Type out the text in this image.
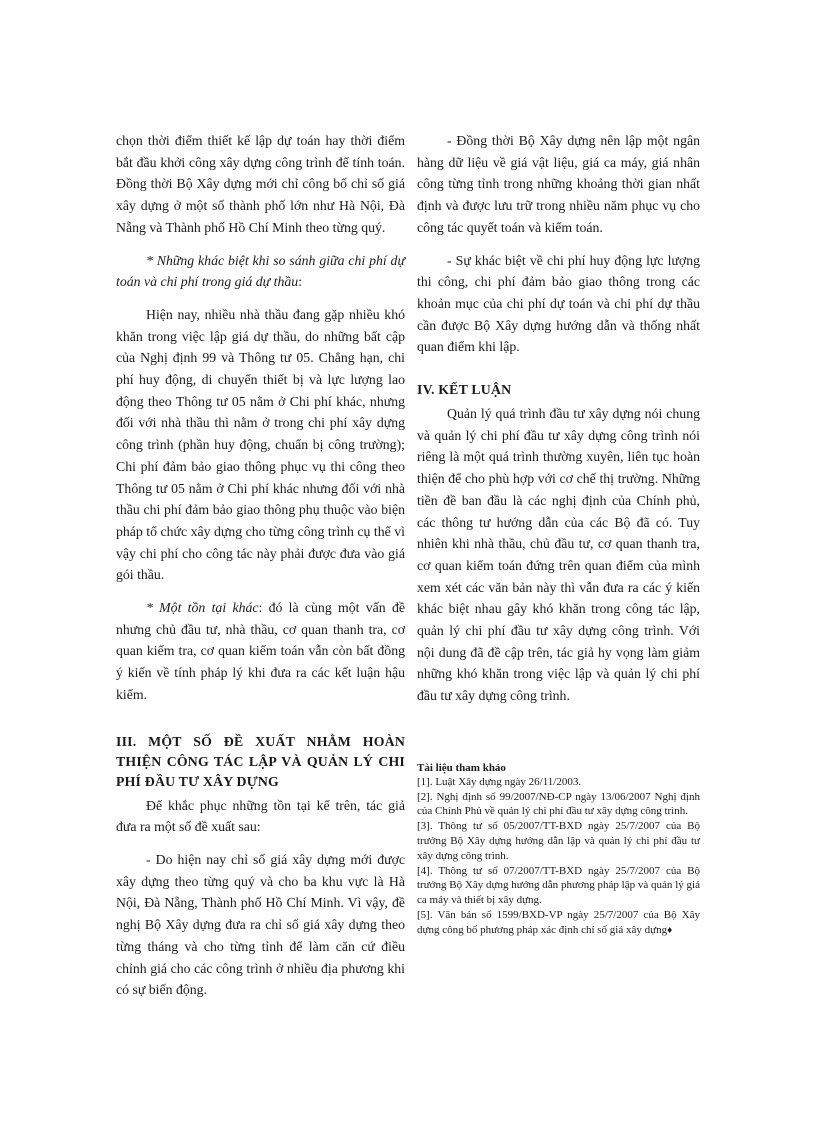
chọn thời điểm thiết kế lập dự toán hay thời điểm bắt đầu khởi công xây dựng công trình để tính toán. Đồng thời Bộ Xây dựng mới chỉ công bố chỉ số giá xây dựng ở một số thành phố lớn như Hà Nội, Đà Nẵng và Thành phố Hồ Chí Minh theo từng quý.

* Những khác biệt khi so sánh giữa chi phí dự toán và chi phí trong giá dự thầu:

Hiện nay, nhiều nhà thầu đang gặp nhiều khó khăn trong việc lập giá dự thầu, do những bất cập của Nghị định 99 và Thông tư 05. Chẳng hạn, chi phí huy động, di chuyển thiết bị và lực lượng lao động theo Thông tư 05 nằm ở Chi phí khác, nhưng đối với nhà thầu thì nằm ở trong chi phí xây dựng công trình (phần huy động, chuẩn bị công trường); Chi phí đảm bảo giao thông phục vụ thi công theo Thông tư 05 nằm ở Chi phí khác nhưng đối với nhà thầu chi phí đảm bảo giao thông phụ thuộc vào biện pháp tổ chức xây dựng cho từng công trình cụ thể vì vậy chi phí cho công tác này phải được đưa vào giá gói thầu.

* Một tồn tại khác: đó là cùng một vấn đề nhưng chủ đầu tư, nhà thầu, cơ quan thanh tra, cơ quan kiểm tra, cơ quan kiểm toán vẫn còn bất đồng ý kiến về tính pháp lý khi đưa ra các kết luận hậu kiểm.

III. MỘT SỐ ĐỀ XUẤT NHẰM HOÀN THIỆN CÔNG TÁC LẬP VÀ QUẢN LÝ CHI PHÍ ĐẦU TƯ XÂY DỰNG

Để khắc phục những tồn tại kể trên, tác giả đưa ra một số đề xuất sau:

- Do hiện nay chỉ số giá xây dựng mới được xây dựng theo từng quý và cho ba khu vực là Hà Nội, Đà Nẵng, Thành phố Hồ Chí Minh. Vì vậy, đề nghị Bộ Xây dựng đưa ra chỉ số giá xây dựng theo từng tháng và cho từng tỉnh để làm căn cứ điều chỉnh giá cho các công trình ở nhiều địa phương khi có sự biến động.

- Đồng thời Bộ Xây dựng nên lập một ngân hàng dữ liệu về giá vật liệu, giá ca máy, giá nhân công từng tỉnh trong những khoảng thời gian nhất định và được lưu trữ trong nhiều năm phục vụ cho công tác quyết toán và kiểm toán.

- Sự khác biệt về chi phí huy động lực lượng thi công, chi phí đảm bảo giao thông trong các khoản mục của chi phí dự toán và chi phí dự thầu cần được Bộ Xây dựng hướng dẫn và thống nhất quan điểm khi lập.

IV. KẾT LUẬN

Quản lý quá trình đầu tư xây dựng nói chung và quản lý chi phí đầu tư xây dựng công trình nói riêng là một quá trình thường xuyên, liên tục hoàn thiện để cho phù hợp với cơ chế thị trường. Những tiền đề ban đầu là các nghị định của Chính phủ, các thông tư hướng dẫn của các Bộ đã có. Tuy nhiên khi nhà thầu, chủ đầu tư, cơ quan thanh tra, cơ quan kiểm toán đứng trên quan điểm của mình xem xét các văn bản này thì vẫn đưa ra các ý kiến khác biệt nhau gây khó khăn trong công tác lập, quản lý chi phí đầu tư xây dựng công trình. Với nội dung đã đề cập trên, tác giả hy vọng làm giảm những khó khăn trong việc lập và quản lý chi phí đầu tư xây dựng công trình.

Tài liệu tham khảo

[1]. Luật Xây dựng ngày 26/11/2003.

[2]. Nghị định số 99/2007/NĐ-CP ngày 13/06/2007 Nghị định của Chính Phủ về quản lý chi phí đầu tư xây dựng công trình.

[3]. Thông tư số 05/2007/TT-BXD ngày 25/7/2007 của Bộ trưởng Bộ Xây dựng hướng dẫn lập và quản lý chi phí đầu tư xây dựng công trình.

[4]. Thông tư số 07/2007/TT-BXD ngày 25/7/2007 của Bộ trưởng Bộ Xây dựng hướng dẫn phương pháp lập và quản lý giá ca máy và thiết bị xây dựng.

[5]. Văn bản số 1599/BXD-VP ngày 25/7/2007 của Bộ Xây dựng công bố phương pháp xác định chỉ số giá xây dựng♦
